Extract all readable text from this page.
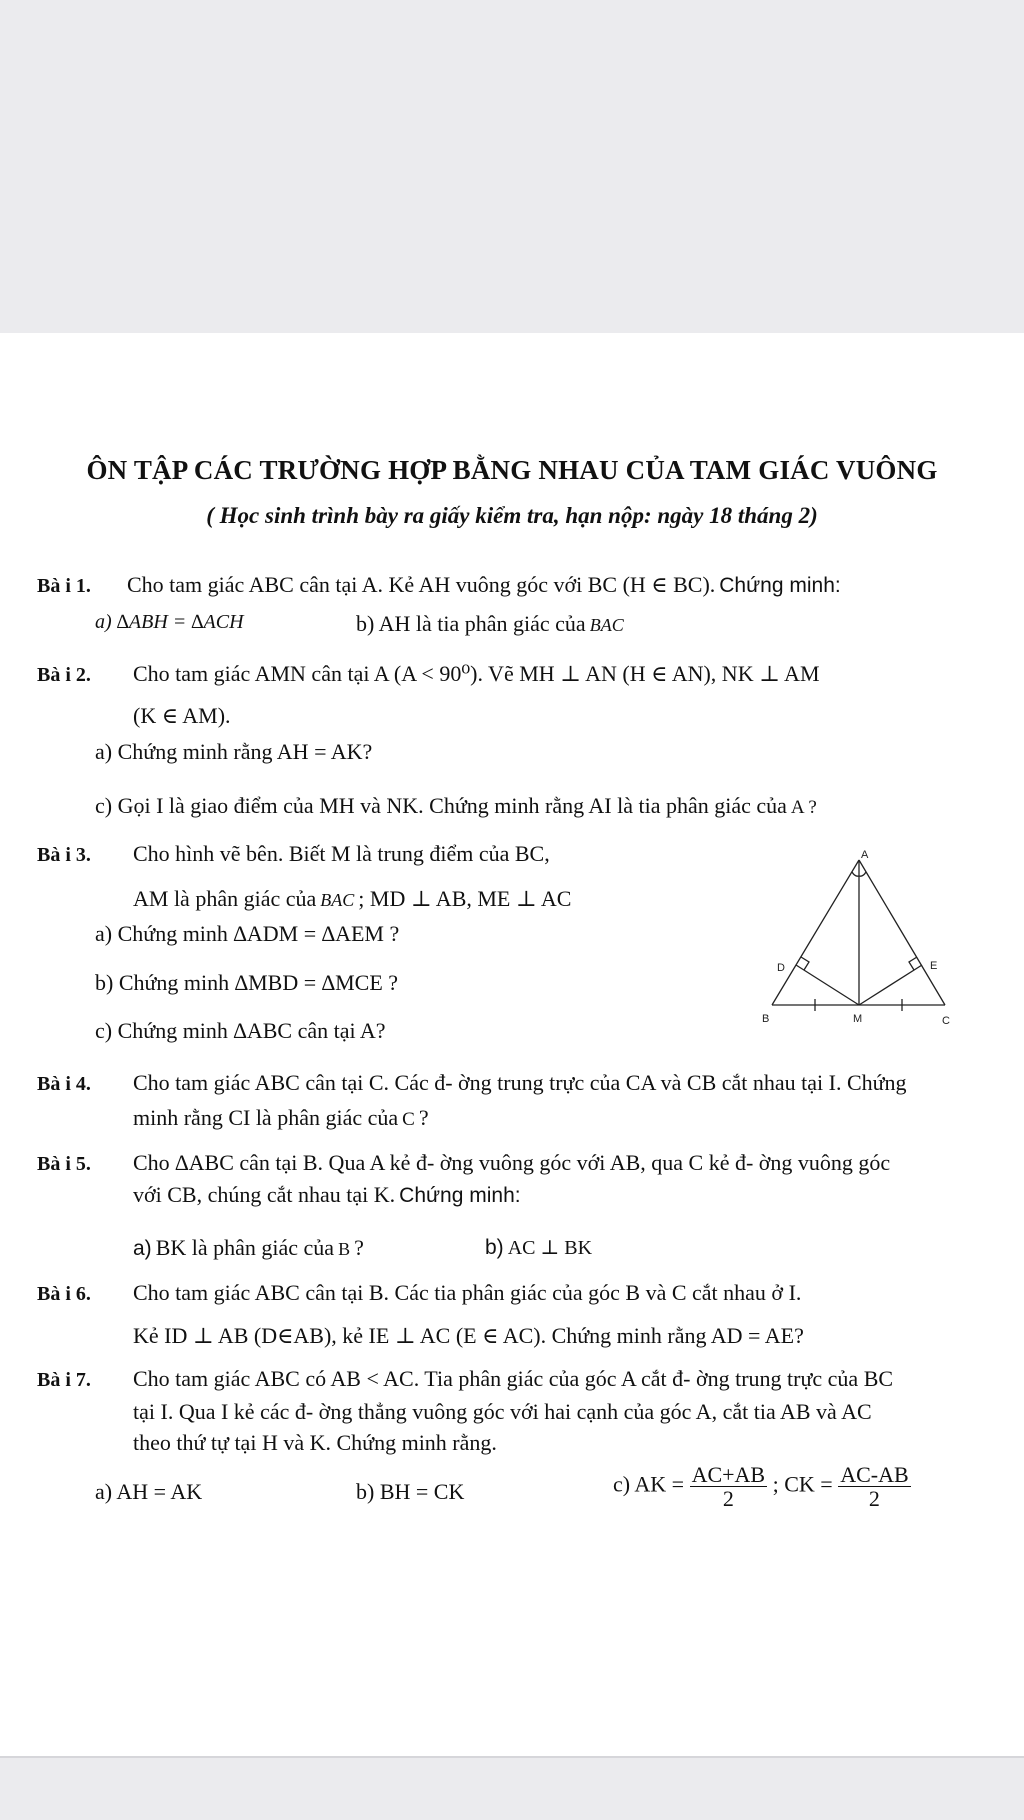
ÔN TẬP CÁC TRƯỜNG HỢP BẰNG NHAU CỦA TAM GIÁC VUÔNG
( Học sinh trình bày ra giấy kiểm tra, hạn nộp: ngày 18 tháng 2)
Bà i 1. Cho tam giác ABC cân tại A. Kẻ AH vuông góc với BC (H ∈ BC). Chứng minh:
a) ∆ABH = ∆ACH	b) AH là tia phân giác của BAC
Bà i 2. Cho tam giác AMN cân tại A (A < 90⁰). Vẽ MH ⊥ AN (H ∈ AN), NK ⊥ AM
(K ∈ AM).
a) Chứng minh rằng AH = AK?
c) Gọi I là giao điểm của MH và NK. Chứng minh rằng AI là tia phân giác của A ?
Bà i 3. Cho hình vẽ bên. Biết M là trung điểm của BC,
AM là phân giác của BAC ; MD ⊥ AB, ME ⊥ AC
a) Chứng minh ∆ADM = ∆AEM ?
b) Chứng minh ∆MBD = ∆MCE ?
c) Chứng minh ∆ABC cân tại A?
A
B	C
D	E
M
Bà i 4. Cho tam giác ABC cân tại C. Các đ- ờng trung trực của CA và CB cắt nhau tại I. Chứng
minh rằng CI là phân giác của C ?
Bà i 5. Cho ∆ABC cân tại B. Qua A kẻ đ- ờng vuông góc với AB, qua C kẻ đ- ờng vuông góc
với CB, chúng cắt nhau tại K. Chứng minh:
a) BK là phân giác của B ?	b) AC ⊥ BK
Bà i 6. Cho tam giác ABC cân tại B. Các tia phân giác của góc B và C cắt nhau ở I.
Kẻ ID ⊥ AB (D∈AB), kẻ IE ⊥ AC (E ∈ AC). Chứng minh rằng AD = AE?
Bà i 7. Cho tam giác ABC có AB < AC. Tia phân giác của góc A cắt đ- ờng trung trực của BC
tại I. Qua I kẻ các đ- ờng thẳng vuông góc với hai cạnh của góc A, cắt tia AB và AC
theo thứ tự tại H và K. Chứng minh rằng.
a) AH = AK	b) BH = CK	c) AK = $\frac{AC+AB}{2}$ ; CK = $\frac{AC-AB}{2}$
